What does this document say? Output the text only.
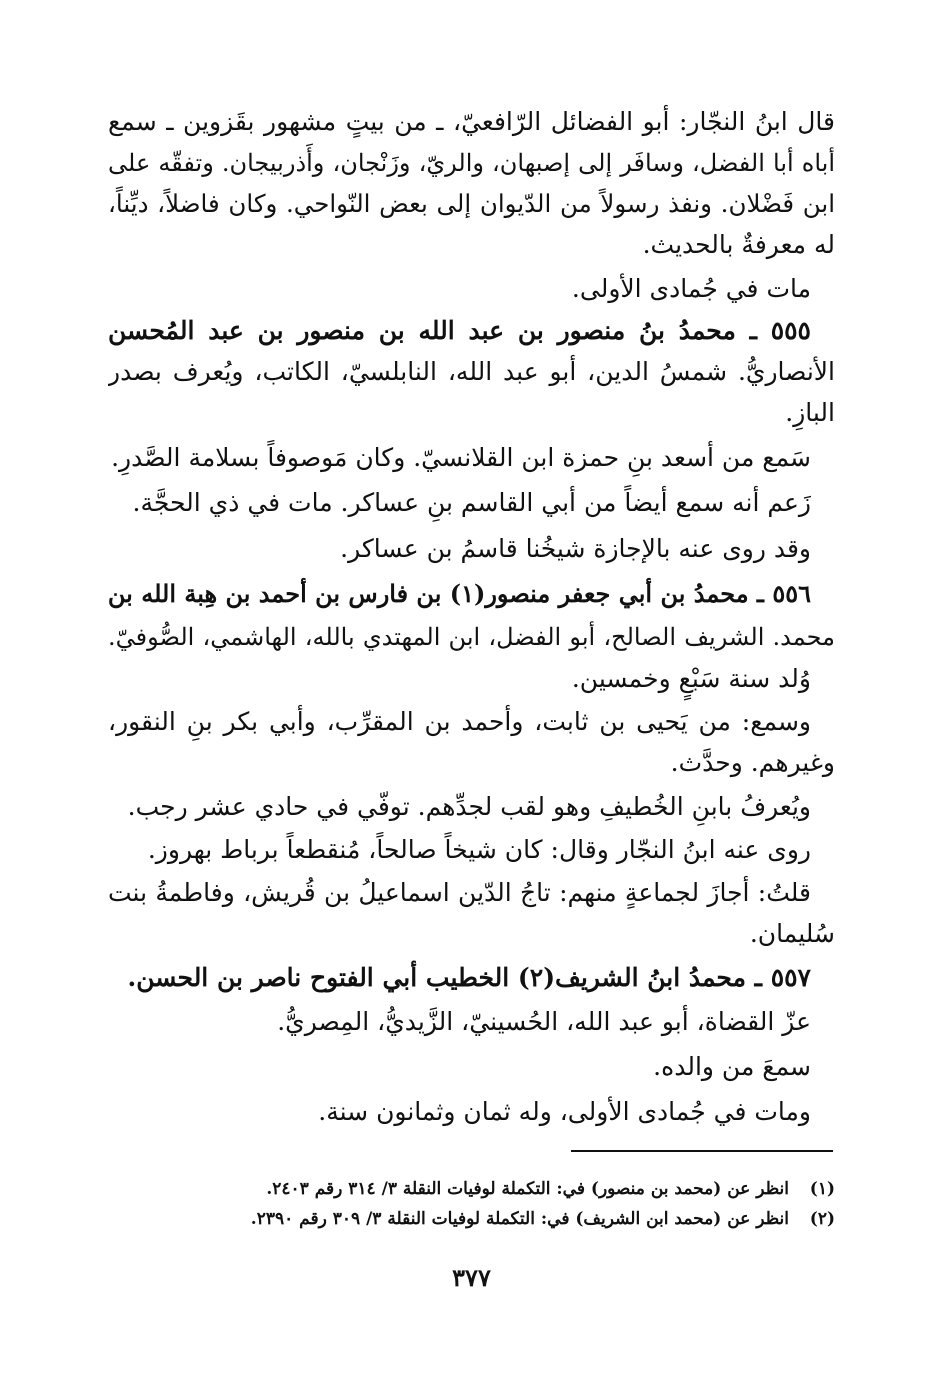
قال ابنُ النجّار: أبو الفضائل الرّافعيّ، ـ من بيتٍ مشهور بقَزوين ـ سمع
أباه أبا الفضل، وسافَر إلى إصبهان، والريّ، وزَنْجان، وأَذربيجان. وتفقّه على
ابن فَضْلان. ونفذ رسولاً من الدّيوان إلى بعض النّواحي. وكان فاضلاً، ديِّناً،
له معرفةٌ بالحديث.
مات في جُمادى الأولى.
٥٥٥ ـ محمدُ بنُ منصور بن عبد الله بن منصور بن عبد المُحسن
الأنصاريُّ. شمسُ الدين، أبو عبد الله، النابلسيّ، الكاتب، ويُعرف بصدر
البازِ.
سَمع من أسعد بنِ حمزة ابن القلانسيّ. وكان مَوصوفاً بسلامة الصَّدرِ.
زَعم أنه سمع أيضاً من أبي القاسم بنِ عساكر. مات في ذي الحجَّة.
وقد روى عنه بالإجازة شيخُنا قاسمُ بن عساكر.
٥٥٦ ـ محمدُ بن أبي جعفر منصور(١) بن فارس بن أحمد بن هِبة الله بن
محمد. الشريف الصالح، أبو الفضل، ابن المهتدي بالله، الهاشمي، الصُّوفيّ.
وُلد سنة سَبْعٍ وخمسين.
وسمع: من يَحيى بن ثابت، وأحمد بن المقرِّب، وأبي بكر بنِ النقور،
وغيرهم. وحدَّث.
ويُعرفُ بابنِ الخُطيفِ وهو لقب لجدِّهم. توفّي في حادي عشر رجب.
روى عنه ابنُ النجّار وقال: كان شيخاً صالحاً، مُنقطعاً برباط بهروز.
قلتُ: أجازَ لجماعةٍ منهم: تاجُ الدّين اسماعيلُ بن قُريش، وفاطمةُ بنت
سُليمان.
٥٥٧ ـ محمدُ ابنُ الشريف(٢) الخطيب أبي الفتوح ناصر بن الحسن.
عزّ القضاة، أبو عبد الله، الحُسينيّ، الزَّيديُّ، المِصريُّ.
سمعَ من والده.
ومات في جُمادى الأولى، وله ثمان وثمانون سنة.
(١)انظر عن (محمد بن منصور) في: التكملة لوفيات النقلة ٣/ ٣١٤ رقم ٢٤٠٣.
(٢)انظر عن (محمد ابن الشريف) في: التكملة لوفيات النقلة ٣/ ٣٠٩ رقم ٢٣٩٠.
٣٧٧
